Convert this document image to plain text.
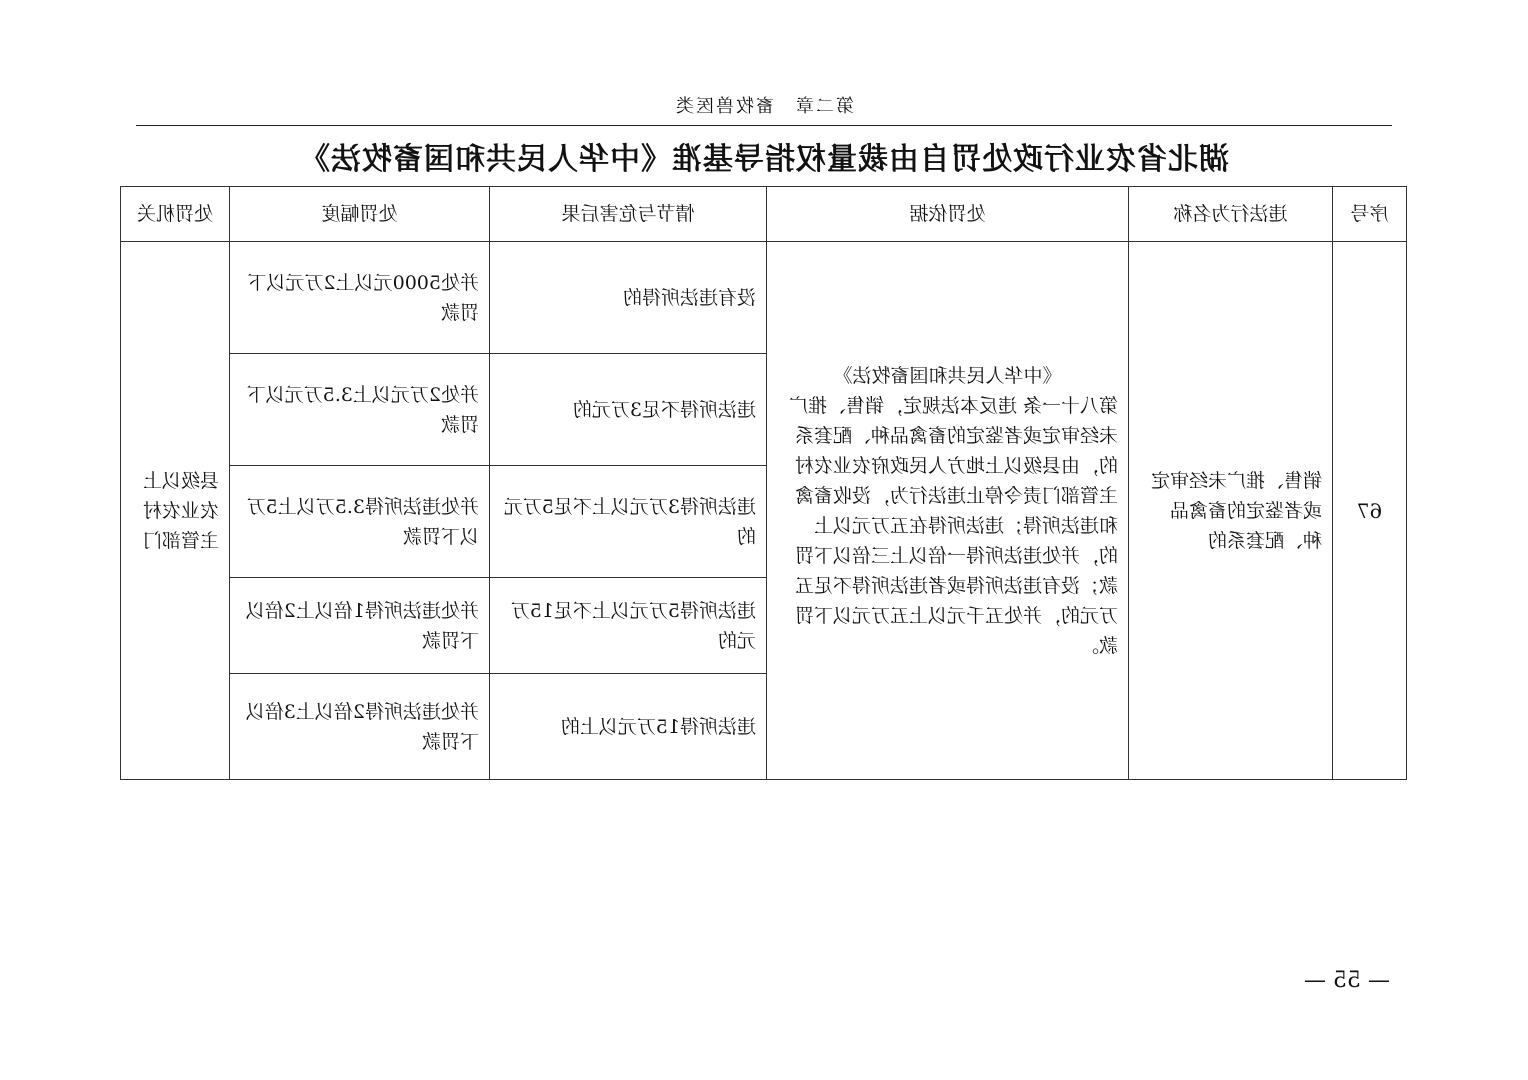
第二章　畜牧兽医类
湖北省农业行政处罚自由裁量权指导基准《中华人民共和国畜牧法》
序号	违法行为名称	处罚依据	情节与危害后果	处罚幅度	处罚机关
67	销售、推广未经审定或者鉴定的畜禽品种、配套系的	《中华人民共和国畜牧法》
第八十一条 违反本法规定，销售、推广未经审定或者鉴定的畜禽品种、配套系的，由县级以上地方人民政府农业农村主管部门责令停止违法行为，没收畜禽和违法所得；违法所得在五万元以上的，并处违法所得一倍以上三倍以下罚款；没有违法所得或者违法所得不足五万元的，并处五千元以上五万元以下罚款。	没有违法所得的	并处5000元以上2万元以下罚款	县级以上农业农村主管部门
			违法所得不足3万元的	并处2万元以上3.5万元以下罚款	
			违法所得3万元以上不足5万元的	并处违法所得3.5万以上5万以下罚款	
			违法所得5万元以上不足15万元的	并处违法所得1倍以上2倍以下罚款	
			违法所得15万元以上的	并处违法所得2倍以上3倍以下罚款	
— 55 —
